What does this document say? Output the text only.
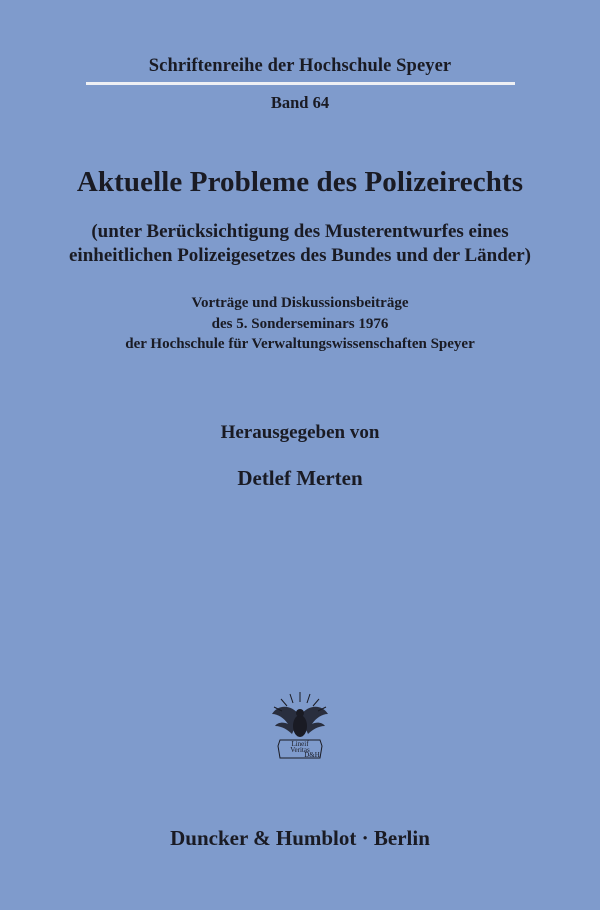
Schriftenreihe der Hochschule Speyer
Band 64
Aktuelle Probleme des Polizeirechts
(unter Berücksichtigung des Musterentwurfes eines
einheitlichen Polizeigesetzes des Bundes und der Länder)
Vorträge und Diskussionsbeiträge
des 5. Sonderseminars 1976
der Hochschule für Verwaltungswissenschaften Speyer
Herausgegeben von
Detlef Merten
Lineif
Veritas
D&H
Duncker & Humblot · Berlin
